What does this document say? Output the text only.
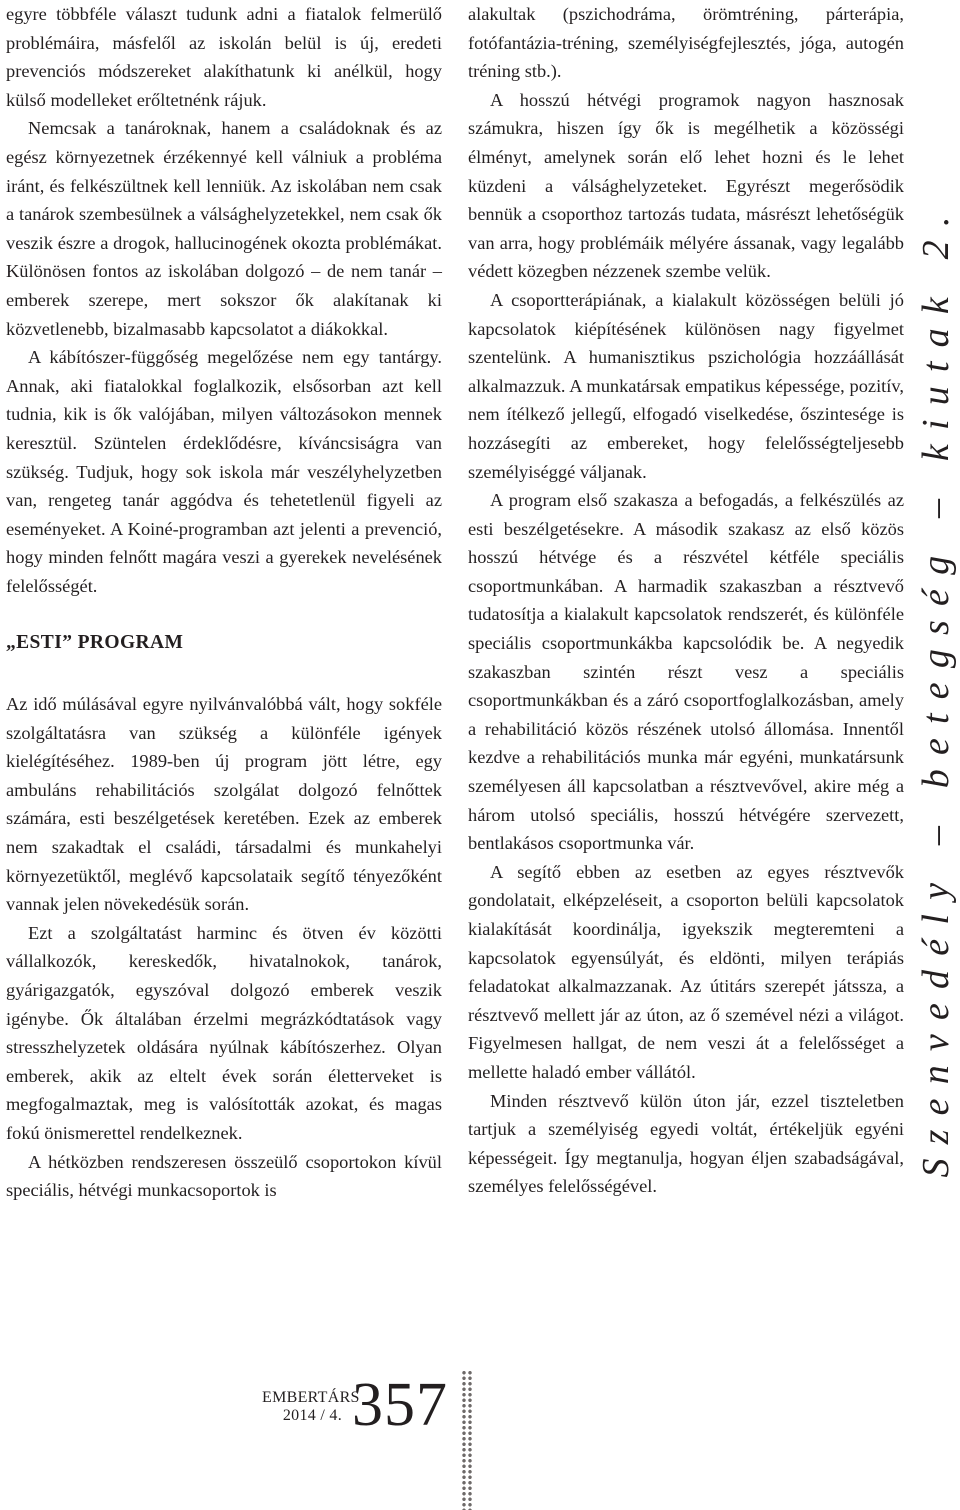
egyre többféle választ tudunk adni a fiatalok felmerülő problémáira, másfelől az iskolán belül is új, eredeti prevenciós módszereket alakíthatunk ki anélkül, hogy külső modelleket erőltetnénk rájuk.

Nemcsak a tanároknak, hanem a családoknak és az egész környezetnek érzékennyé kell válniuk a probléma iránt, és felkészültnek kell lenniük. Az iskolában nem csak a tanárok szembesülnek a válsághelyzetekkel, nem csak ők veszik észre a drogok, hallucinogének okozta problémákat. Különösen fontos az iskolában dolgozó – de nem tanár – emberek szerepe, mert sokszor ők alakítanak ki közvetlenebb, bizalmasabb kapcsolatot a diákokkal.

A kábítószer-függőség megelőzése nem egy tantárgy. Annak, aki fiatalokkal foglalkozik, elsősorban azt kell tudnia, kik is ők valójában, milyen változásokon mennek keresztül. Szüntelen érdeklődésre, kíváncsiságra van szükség. Tudjuk, hogy sok iskola már veszélyhelyzetben van, rengeteg tanár aggódva és tehetetlenül figyeli az eseményeket. A Koiné-programban azt jelenti a prevenció, hogy minden felnőtt magára veszi a gyerekek nevelésének felelősségét.

„ESTI” PROGRAM

Az idő múlásával egyre nyilvánvalóbbá vált, hogy sokféle szolgáltatásra van szükség a különféle igények kielégítéséhez. 1989-ben új program jött létre, egy ambuláns rehabilitációs szolgálat dolgozó felnőttek számára, esti beszélgetések keretében. Ezek az emberek nem szakadtak el családi, társadalmi és munkahelyi környezetüktől, meglévő kapcsolataik segítő tényezőként vannak jelen növekedésük során.

Ezt a szolgáltatást harminc és ötven év közötti vállalkozók, kereskedők, hivatalnokok, tanárok, gyárigazgatók, egyszóval dolgozó emberek veszik igénybe. Ők általában érzelmi megrázkódtatások vagy stresszhelyzetek oldására nyúlnak kábítószerhez. Olyan emberek, akik az eltelt évek során életterveket is megfogalmaztak, meg is valósították azokat, és magas fokú önismerettel rendelkeznek.

A hétközben rendszeresen összeülő csoportokon kívül speciális, hétvégi munkacsoportok is

alakultak (pszichodráma, örömtréning, párterápia, fotófantázia-tréning, személyiségfejlesztés, jóga, autogén tréning stb.).

A hosszú hétvégi programok nagyon hasznosak számukra, hiszen így ők is megélhetik a közösségi élményt, amelynek során elő lehet hozni és le lehet küzdeni a válsághelyzeteket. Egyrészt megerősödik bennük a csoporthoz tartozás tudata, másrészt lehetőségük van arra, hogy problémáik mélyére ássanak, vagy legalább védett közegben nézzenek szembe velük.

A csoportterápiának, a kialakult közösségen belüli jó kapcsolatok kiépítésének különösen nagy figyelmet szentelünk. A humanisztikus pszichológia hozzáállását alkalmazzuk. A munkatársak empatikus képessége, pozitív, nem ítélkező jellegű, elfogadó viselkedése, őszintesége is hozzásegíti az embereket, hogy felelősségteljesebb személyiséggé váljanak.

A program első szakasza a befogadás, a felkészülés az esti beszélgetésekre. A második szakasz az első közös hosszú hétvége és a részvétel kétféle speciális csoportmunkában. A harmadik szakaszban a résztvevő tudatosítja a kialakult kapcsolatok rendszerét, és különféle speciális csoportmunkákba kapcsolódik be. A negyedik szakaszban szintén részt vesz a speciális csoportmunkákban és a záró csoportfoglalkozásban, amely a rehabilitáció közös részének utolsó állomása. Innentől kezdve a rehabilitációs munka már egyéni, munkatársunk személyesen áll kapcsolatban a résztvevővel, akire még a három utolsó speciális, hosszú hétvégére szervezett, bentlakásos csoportmunka vár.

A segítő ebben az esetben az egyes résztvevők gondolatait, elképzeléseit, a csoporton belüli kapcsolatok kialakítását koordinálja, igyekszik megteremteni a kapcsolatok egyensúlyát, és eldönti, milyen terápiás feladatokat alkalmazzanak. Az útitárs szerepét játssza, a résztvevő mellett jár az úton, az ő szemével nézi a világot. Figyelmesen hallgat, de nem veszi át a felelősséget a mellette haladó ember vállától.

Minden résztvevő külön úton jár, ezzel tiszteletben tartjuk a személyiség egyedi voltát, értékeljük egyéni képességeit. Így megtanulja, hogyan éljen szabadságával, személyes felelősségével.

Szenvedély – betegség – kiutak 2.
EMBERTÁRS
2014 / 4. 357
